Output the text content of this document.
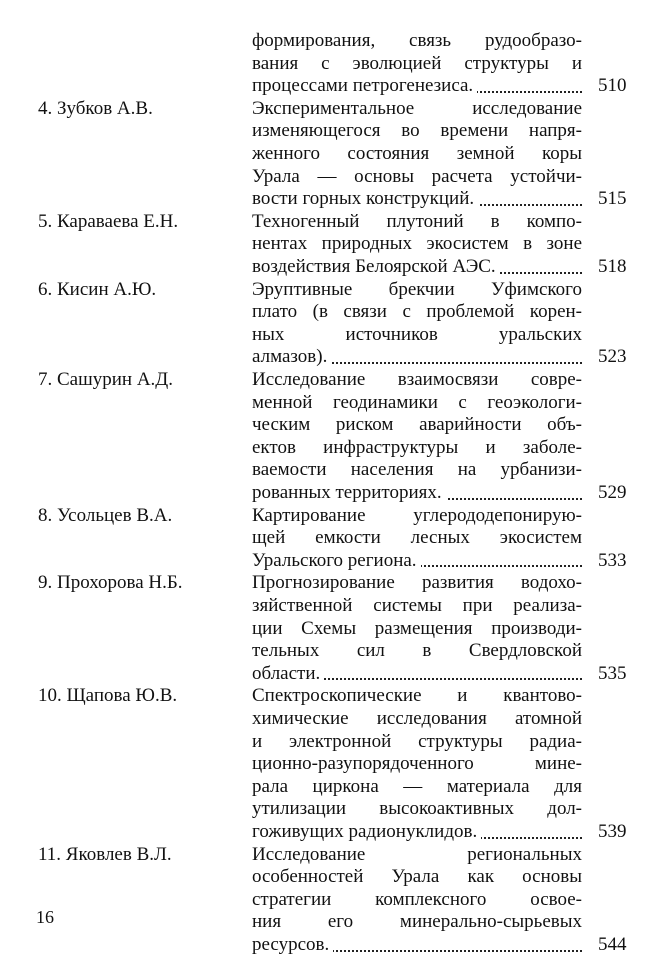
формирования, связь рудообразо-
вания с эволюцией структуры и
процессами петрогенезиса.	510
4. Зубков А.В.	Экспериментальное исследование
изменяющегося во времени напря-
женного состояния земной коры
Урала — основы расчета устойчи-
вости горных конструкций.	515
5. Караваева Е.Н.	Техногенный плутоний в компо-
нентах природных экосистем в зоне
воздействия Белоярской АЭС.	518
6. Кисин А.Ю.	Эруптивные брекчии Уфимского
плато (в связи с проблемой корен-
ных источников уральских
алмазов).	523
7. Сашурин А.Д.	Исследование взаимосвязи совре-
менной геодинамики с геоэкологи-
ческим риском аварийности объ-
ектов инфраструктуры и заболе-
ваемости населения на урбанизи-
рованных территориях.	529
8. Усольцев В.А.	Картирование углерододепонирую-
щей емкости лесных экосистем
Уральского региона.	533
9. Прохорова Н.Б.	Прогнозирование развития водохо-
зяйственной системы при реализа-
ции Схемы размещения производи-
тельных сил в Свердловской
области.	535
10. Щапова Ю.В.	Спектроскопические и квантово-
химические исследования атомной
и электронной структуры радиа-
ционно-разупорядоченного мине-
рала циркона — материала для
утилизации высокоактивных дол-
гоживущих радионуклидов.	539
11. Яковлев В.Л.	Исследование региональных
особенностей Урала как основы
стратегии комплексного освое-
ния его минерально-сырьевых
ресурсов.	544
16
